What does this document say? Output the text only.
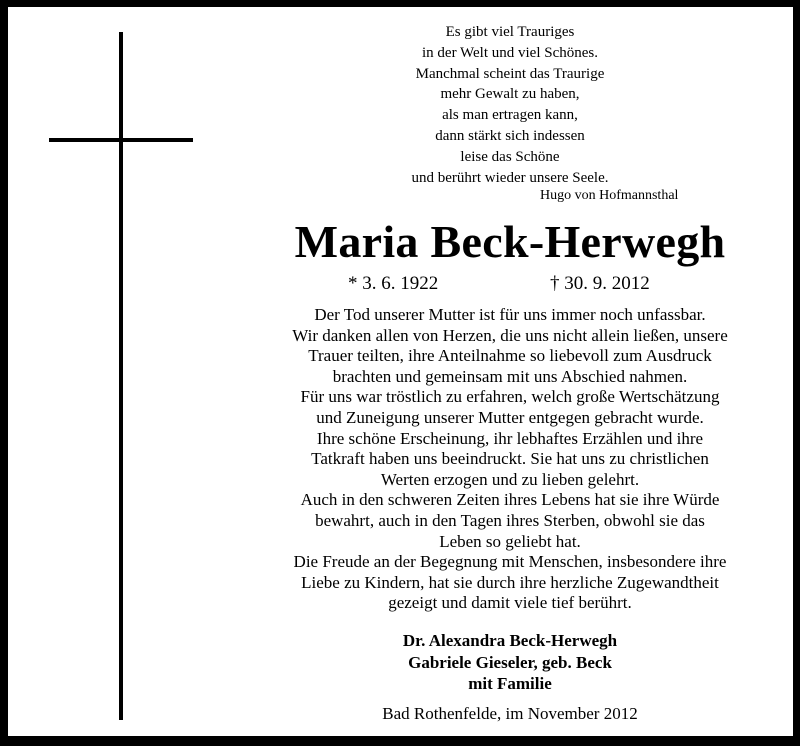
Es gibt viel Trauriges
in der Welt und viel Schönes.
Manchmal scheint das Traurige
mehr Gewalt zu haben,
als man ertragen kann,
dann stärkt sich indessen
leise das Schöne
und berührt wieder unsere Seele.
Hugo von Hofmannsthal
Maria Beck-Herwegh
* 3. 6. 1922	† 30. 9. 2012
Der Tod unserer Mutter ist für uns immer noch unfassbar.
Wir danken allen von Herzen, die uns nicht allein ließen, unsere
Trauer teilten, ihre Anteilnahme so liebevoll zum Ausdruck
brachten und gemeinsam mit uns Abschied nahmen.
Für uns war tröstlich zu erfahren, welch große Wertschätzung
und Zuneigung unserer Mutter entgegen gebracht wurde.
Ihre schöne Erscheinung, ihr lebhaftes Erzählen und ihre
Tatkraft haben uns beeindruckt. Sie hat uns zu christlichen
Werten erzogen und zu lieben gelehrt.
Auch in den schweren Zeiten ihres Lebens hat sie ihre Würde
bewahrt, auch in den Tagen ihres Sterben, obwohl sie das
Leben so geliebt hat.
Die Freude an der Begegnung mit Menschen, insbesondere ihre
Liebe zu Kindern, hat sie durch ihre herzliche Zugewandtheit
gezeigt und damit viele tief berührt.
Dr. Alexandra Beck-Herwegh
Gabriele Gieseler, geb. Beck
mit Familie
Bad Rothenfelde, im November 2012
